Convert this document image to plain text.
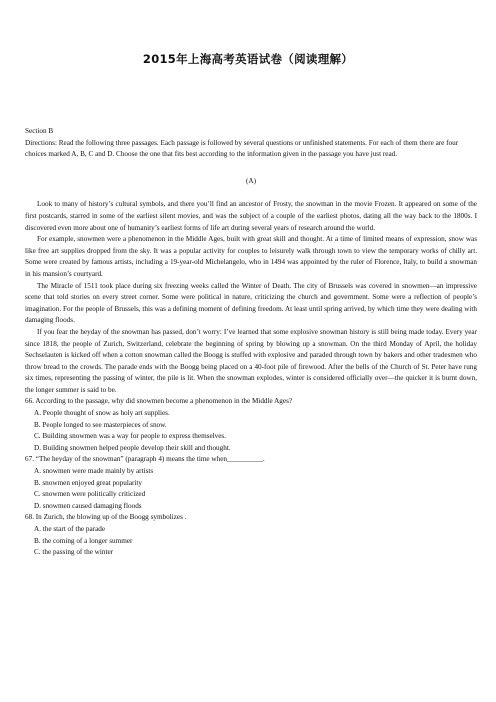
2015年上海高考英语试卷（阅读理解）

Section B

Directions: Read the following three passages. Each passage is followed by several questions or unfinished statements. For each of them there are four choices marked A, B, C and D. Choose the one that fits best according to the information given in the passage you have just read.

(A)

Look to many of history’s cultural symbols, and there you’ll find an ancestor of Frosty, the snowman in the movie Frozen. It appeared on some of the first postcards, starred in some of the earliest silent movies, and was the subject of a couple of the earliest photos, dating all the way back to the 1800s. I discovered even more about one of humanity’s earliest forms of life art during several years of research around the world.

For example, snowmen were a phenomenon in the Middle Ages, built with great skill and thought. At a time of limited means of expression, snow was like free art supplies dropped from the sky. It was a popular activity for couples to leisurely walk through town to view the temporary works of chilly art. Some were created by famous artists, including a 19-year-old Michelangelo, who in 1494 was appointed by the ruler of Florence, Italy, to build a snowman in his mansion’s courtyard.

The Miracle of 1511 took place during six freezing weeks called the Winter of Death. The city of Brussels was covered in snowmen—an impressive scene that told stories on every street corner. Some were political in nature, criticizing the church and government. Some were a reflection of people’s imagination. For the people of Brussels, this was a defining moment of defining freedom. At least until spring arrived, by which time they were dealing with damaging floods.

If you fear the heyday of the snowman has passed, don’t worry: I’ve learned that some explosive snowman history is still being made today. Every year since 1818, the people of Zurich, Switzerland, celebrate the beginning of spring by blowing up a snowman. On the third Monday of April, the holiday Sechselauten is kicked off when a cotton snowman called the Boogg is stuffed with explosive and paraded through town by bakers and other tradesmen who throw bread to the crowds. The parade ends with the Boogg being placed on a 40-foot pile of firewood. After the bells of the Church of St. Peter have rung six times, representing the passing of winter, the pile is lit. When the snowman explodes, winter is considered officially over—the quicker it is burnt down, the longer summer is said to be.

66. According to the passage, why did snowmen become a phenomenon in the Middle Ages?

A. People thought of snow as holy art supplies.
B. People longed to see masterpieces of snow.
C. Building snowmen was a way for people to express themselves.
D. Building snowmen helped people develop their skill and thought.

67. “The heyday of the snowman” (paragraph 4) means the time when__________.

A. snowmen were made mainly by artists
B. snowmen enjoyed great popularity
C. snowmen were politically criticized
D. snowmen caused damaging floods

68. In Zurich, the blowing up of the Boogg symbolizes .

A. the start of the parade
B. the coming of a longer summer
C. the passing of the winter
